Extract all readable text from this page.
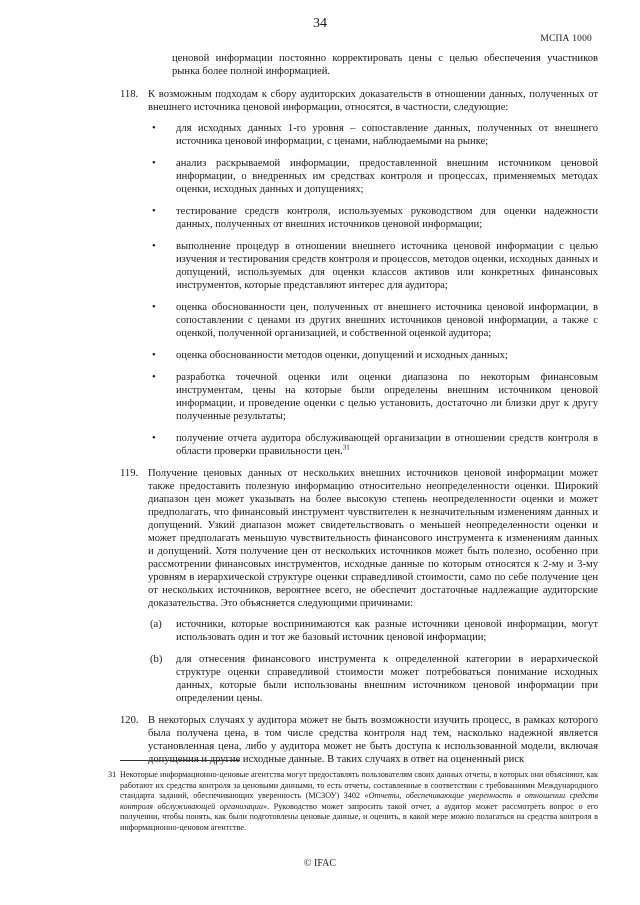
34
МСПА 1000

ценовой информации постоянно корректировать цены с целью обеспечения участников рынка более полной информацией.

118. К возможным подходам к сбору аудиторских доказательств в отношении данных, полученных от внешнего источника ценовой информации, относятся, в частности, следующие:
• для исходных данных 1-го уровня – сопоставление данных, полученных от внешнего источника ценовой информации, с ценами, наблюдаемыми на рынке;
• анализ раскрываемой информации, предоставленной внешним источником ценовой информации, о внедренных им средствах контроля и процессах, применяемых методах оценки, исходных данных и допущениях;
• тестирование средств контроля, используемых руководством для оценки надежности данных, полученных от внешних источников ценовой информации;
• выполнение процедур в отношении внешнего источника ценовой информации с целью изучения и тестирования средств контроля и процессов, методов оценки, исходных данных и допущений, используемых для оценки классов активов или конкретных финансовых инструментов, которые представляют интерес для аудитора;
• оценка обоснованности цен, полученных от внешнего источника ценовой информации, в сопоставлении с ценами из других внешних источников ценовой информации, а также с оценкой, полученной организацией, и собственной оценкой аудитора;
• оценка обоснованности методов оценки, допущений и исходных данных;
• разработка точечной оценки или оценки диапазона по некоторым финансовым инструментам, цены на которые были определены внешним источником ценовой информации, и проведение оценки с целью установить, достаточно ли близки друг к другу полученные результаты;
• получение отчета аудитора обслуживающей организации в отношении средств контроля в области проверки правильности цен.$^{31}$
119. Получение ценовых данных от нескольких внешних источников ценовой информации может также предоставить полезную информацию относительно неопределенности оценки. Широкий диапазон цен может указывать на более высокую степень неопределенности оценки и может предполагать, что финансовый инструмент чувствителен к незначительным изменениям данных и допущений. Узкий диапазон может свидетельствовать о меньшей неопределенности оценки и может предполагать меньшую чувствительность финансового инструмента к изменениям данных и допущений. Хотя получение цен от нескольких источников может быть полезно, особенно при рассмотрении финансовых инструментов, исходные данные по которым относятся к 2-му и 3-му уровням в иерархической структуре оценки справедливой стоимости, само по себе получение цен от нескольких источников, вероятнее всего, не обеспечит достаточные надлежащие аудиторские доказательства. Это объясняется следующими причинами:
(a) источники, которые воспринимаются как разные источники ценовой информации, могут использовать один и тот же базовый источник ценовой информации;
(b) для отнесения финансового инструмента к определенной категории в иерархической структуре оценки справедливой стоимости может потребоваться понимание исходных данных, которые были использованы внешним источником ценовой информации при определении цены.
120. В некоторых случаях у аудитора может не быть возможности изучить процесс, в рамках которого была получена цена, в том числе средства контроля над тем, насколько надежной является установленная цена, либо у аудитора может не быть доступа к использованной модели, включая допущения и другие исходные данные. В таких случаях в ответ на оцененный риск
31 Некоторые информационно-ценовые агентства могут предоставлять пользователям своих данных отчеты, в которых они объясняют, как работают их средства контроля за ценовыми данными, то есть отчеты, составленные в соответствии с требованиями Международного стандарта заданий, обеспечивающих уверенность (МСЗОУ) 3402 «Отчеты, обеспечивающие уверенность в отношении средств контроля обслуживающей организации». Руководство может запросить такой отчет, а аудитор может рассмотреть вопрос о его получении, чтобы понять, как были подготовлены ценовые данные, и оценить, в какой мере можно полагаться на средства контроля в информационно-ценовом агентстве.
© IFAC
